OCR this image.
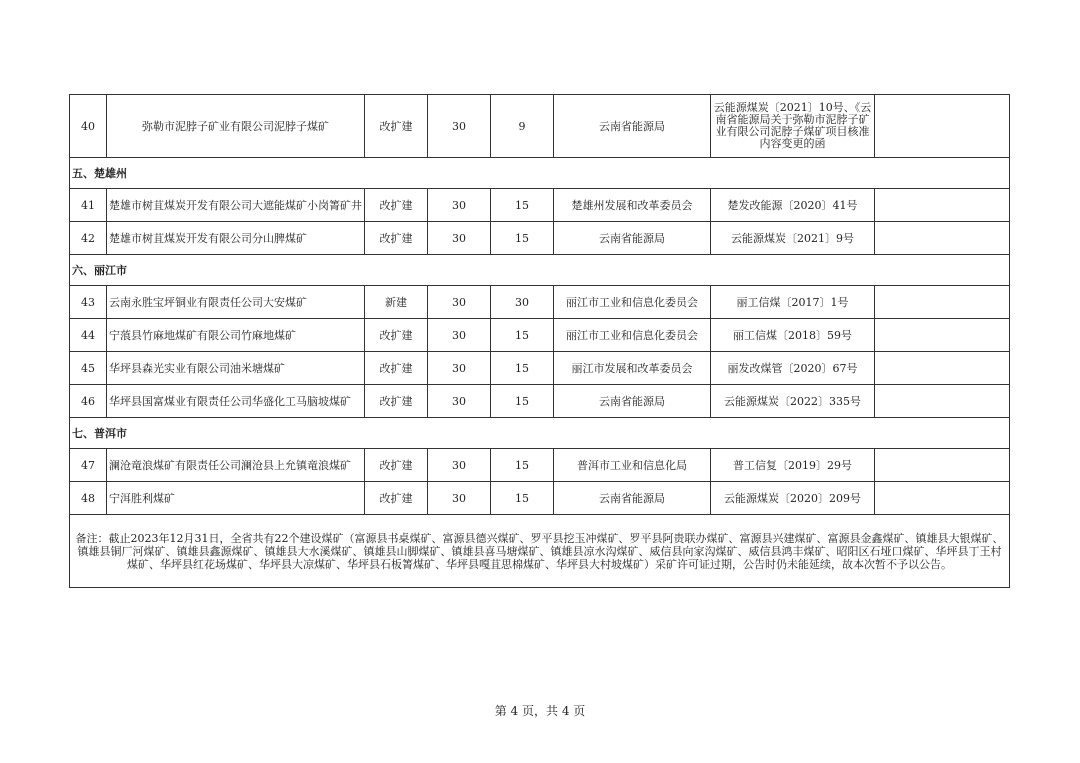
40	弥勒市泥脖子矿业有限公司泥脖子煤矿	改扩建	30	9	云南省能源局	云能源煤炭〔2021〕10号、《云南省能源局关于弥勒市泥脖子矿业有限公司泥脖子煤矿项目核准内容变更的函	

五、楚雄州							
41	楚雄市树苴煤炭开发有限公司大遮能煤矿小岗箐矿井	改扩建	30	15	楚雄州发展和改革委员会	楚发改能源〔2020〕41号	
42	楚雄市树苴煤炭开发有限公司分山脾煤矿	改扩建	30	15	云南省能源局	云能源煤炭〔2021〕9号	
六、丽江市							
43	云南永胜宝坪铜业有限责任公司大安煤矿	新建	30	30	丽江市工业和信息化委员会	丽工信煤〔2017〕1号	
44	宁蒗县竹麻地煤矿有限公司竹麻地煤矿	改扩建	30	15	丽江市工业和信息化委员会	丽工信煤〔2018〕59号	
45	华坪县森光实业有限公司油米塘煤矿	改扩建	30	15	丽江市发展和改革委员会	丽发改煤管〔2020〕67号	
46	华坪县国富煤业有限责任公司华盛化工马脑坡煤矿	改扩建	30	15	云南省能源局	云能源煤炭〔2022〕335号	
七、普洱市							
47	澜沧竜浪煤矿有限责任公司澜沧县上允镇竜浪煤矿	改扩建	30	15	普洱市工业和信息化局	普工信复〔2019〕29号	
48	宁洱胜利煤矿	改扩建	30	15	云南省能源局	云能源煤炭〔2020〕209号	
备注：截止2023年12月31日，全省共有22个建设煤矿（富源县书桌煤矿、富源县德兴煤矿、罗平县挖玉冲煤矿、罗平县阿贵联办煤矿、富源县兴建煤矿、富源县金鑫煤矿、镇雄县大银煤矿、镇雄县铜厂河煤矿、镇雄县鑫源煤矿、镇雄县大水溪煤矿、镇雄县山脚煤矿、镇雄县喜马塘煤矿、镇雄县凉水沟煤矿、威信县向家沟煤矿、威信县鸿丰煤矿、昭阳区石垭口煤矿、华坪县丁王村煤矿、华坪县红花场煤矿、华坪县大凉煤矿、华坪县石板箐煤矿、华坪县嘎苴思棉煤矿、华坪县大村坡煤矿）采矿许可证过期，公告时仍未能延续，故本次暂不予以公告。							
第 4 页，共 4 页
